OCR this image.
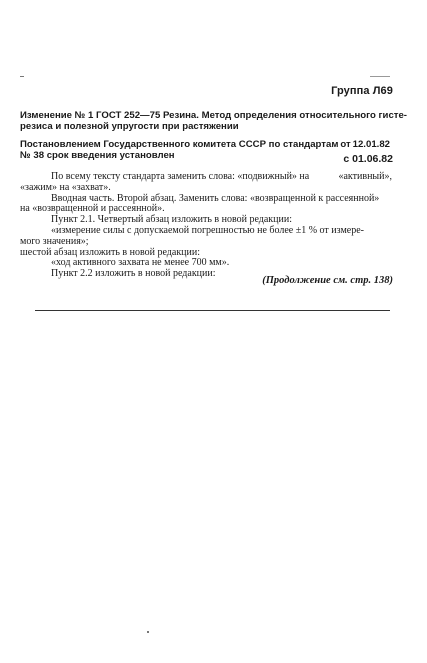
Группа Л69
Изменение № 1 ГОСТ 252—75 Резина. Метод определения относительного гисте-
резиса и полезной упругости при растяжении
Постановлением Государственного комитета СССР по стандартам от 12.01.82
№ 38 срок введения установлен	с 01.06.82
По всему тексту стандарта заменить слова: «подвижный» на	«активный»,
«зажим» на «захват».
Вводная часть. Второй абзац. Заменить слова: «возвращенной к рассеянной»
на «возвращенной и рассеянной».
Пункт 2.1. Четвертый абзац изложить в новой редакции:
«измерение силы с допускаемой погрешностью не более ±1 % от измере-
мого значения»;
шестой абзац изложить в новой редакции:
«ход активного захвата не менее 700 мм».
Пункт 2.2 изложить в новой редакции:
(Продолжение см. стр. 138)
